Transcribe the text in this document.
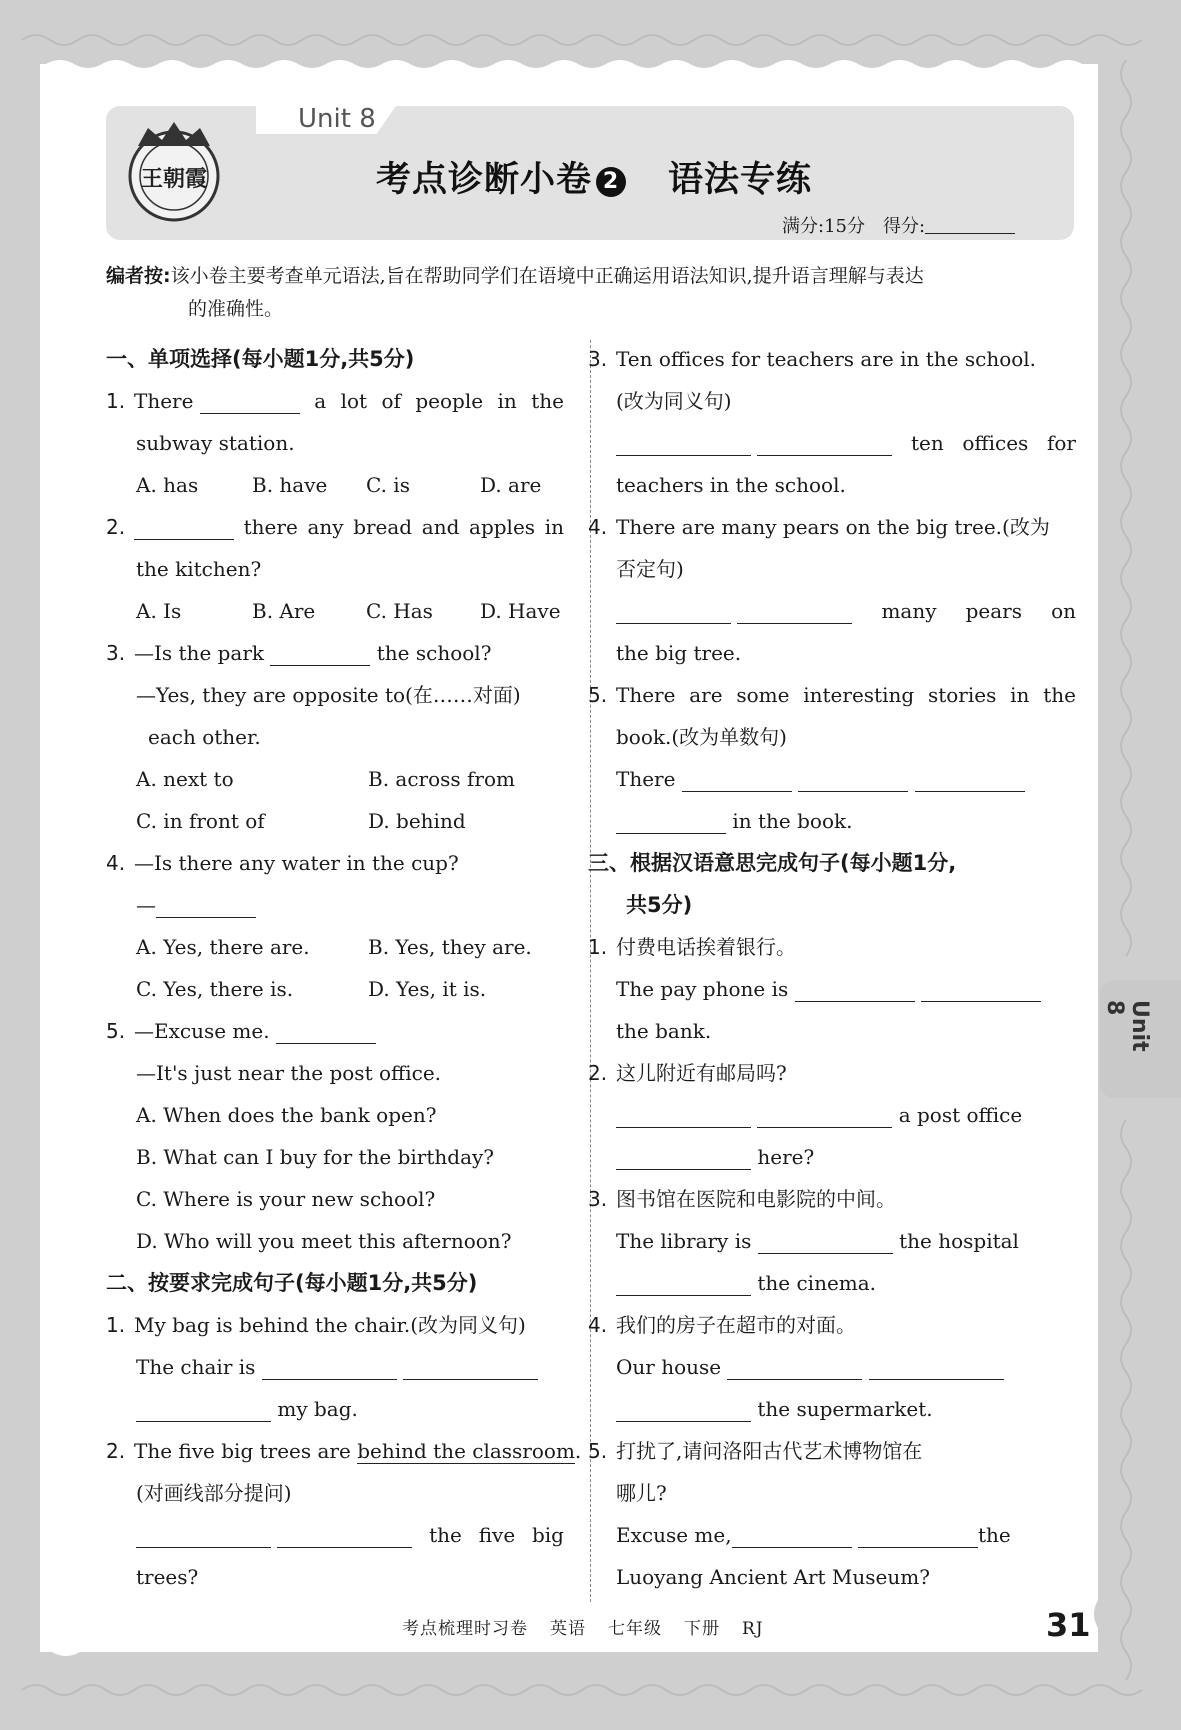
Unit 8
王朝霞	考点诊断小卷 2 语法专练
满分:15分　得分:
编者按:该小卷主要考查单元语法,旨在帮助同学们在语境中正确运用语法知识,提升语言理解与表达
的准确性。
一、单项选择(每小题1分,共5分)
1. There	a lot of people in the
subway station.
A. has	B. have C. is	D. are
2.	there any bread and apples in
the kitchen?
A. Is	B. Are	C. Has D. Have
3. —Is the park	the school?
—Yes, they are opposite to(在……对面)
each other.
A. next to	B. across from
C. in front of	D. behind
4. —Is there any water in the cup?
—
A. Yes, there are.	B. Yes, they are.
C. Yes, there is.	D. Yes, it is.
5. —Excuse me.
—It's just near the post office.
A. When does the bank open?
B. What can I buy for the birthday?
C. Where is your new school?
D. Who will you meet this afternoon?
二、按要求完成句子(每小题1分,共5分)
1. My bag is behind the chair.(改为同义句)
The chair is
my bag.
2. The five big trees are behind the classroom.
(对画线部分提问)

the five big
trees?
3. Ten offices for teachers are in the school.
(改为同义句)

ten offices for
teachers in the school.
4. There are many pears on the big tree.(改为
否定句)

many pears on
the big tree.
5. There are some interesting stories in the
book.(改为单数句)
There
in the book.
三、根据汉语意思完成句子(每小题1分,
共5分)
1. 付费电话挨着银行。
The pay phone is
the bank.
2. 这儿附近有邮局吗?
a post office
here?
3. 图书馆在医院和电影院的中间。
The library is	the hospital
the cinema.
4. 我们的房子在超市的对面。
Our house
the supermarket.
5. 打扰了,请问洛阳古代艺术博物馆在
哪儿?
Excuse me,	the
Luoyang Ancient Art Museum?
Unit 8
考点梳理时习卷 英语 七年级 下册 RJ	31
